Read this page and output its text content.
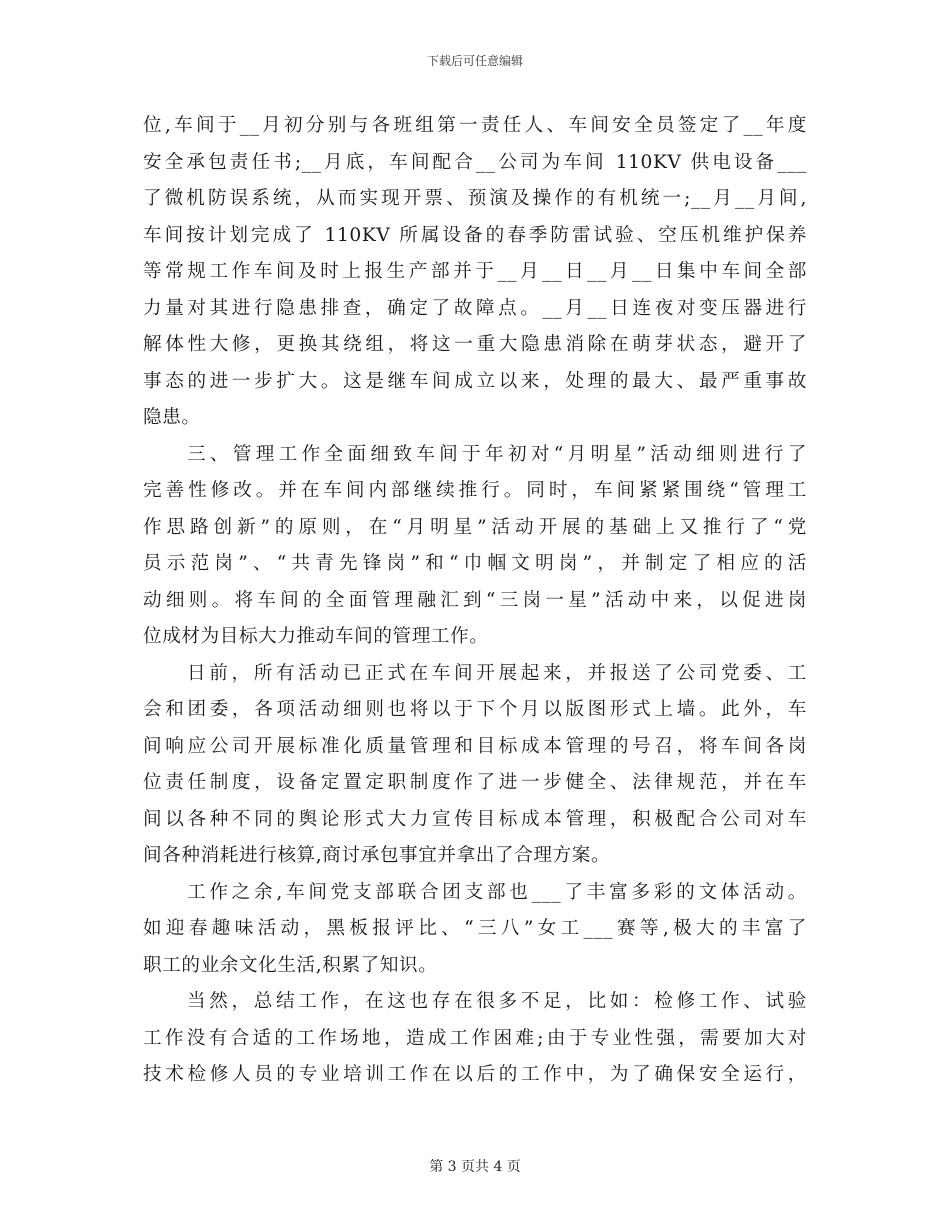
下载后可任意编辑
位,车间于__月初分别与各班组第一责任人、车间安全员签定了__年度
安全承包责任书;__月底，车间配合__公司为车间 110KV 供电设备___
了微机防误系统，从而实现开票、预演及操作的有机统一;__月__月间,
车间按计划完成了 110KV 所属设备的春季防雷试验、空压机维护保养
等常规工作车间及时上报生产部并于__月__日__月__日集中车间全部
力量对其进行隐患排查，确定了故障点。__月__日连夜对变压器进行
解体性大修，更换其绕组，将这一重大隐患消除在萌芽状态，避开了
事态的进一步扩大。这是继车间成立以来，处理的最大、最严重事故
隐患。
三、管理工作全面细致车间于年初对“月明星”活动细则进行了
完善性修改。并在车间内部继续推行。同时，车间紧紧围绕“管理工
作思路创新”的原则，在“月明星”活动开展的基础上又推行了“党
员示范岗”、“共青先锋岗”和“巾帼文明岗”，并制定了相应的活
动细则。将车间的全面管理融汇到“三岗一星”活动中来，以促进岗
位成材为目标大力推动车间的管理工作。
日前，所有活动已正式在车间开展起来，并报送了公司党委、工
会和团委，各项活动细则也将以于下个月以版图形式上墙。此外，车
间响应公司开展标准化质量管理和目标成本管理的号召，将车间各岗
位责任制度，设备定置定职制度作了进一步健全、法律规范，并在车
间以各种不同的舆论形式大力宣传目标成本管理，积极配合公司对车
间各种消耗进行核算,商讨承包事宜并拿出了合理方案。
工作之余,车间党支部联合团支部也___了丰富多彩的文体活动。
如迎春趣味活动，黑板报评比、“三八”女工___赛等,极大的丰富了
职工的业余文化生活,积累了知识。
当然，总结工作，在这也存在很多不足，比如：检修工作、试验
工作没有合适的工作场地，造成工作困难;由于专业性强，需要加大对
技术检修人员的专业培训工作在以后的工作中，为了确保安全运行，
第 3 页共 4 页
